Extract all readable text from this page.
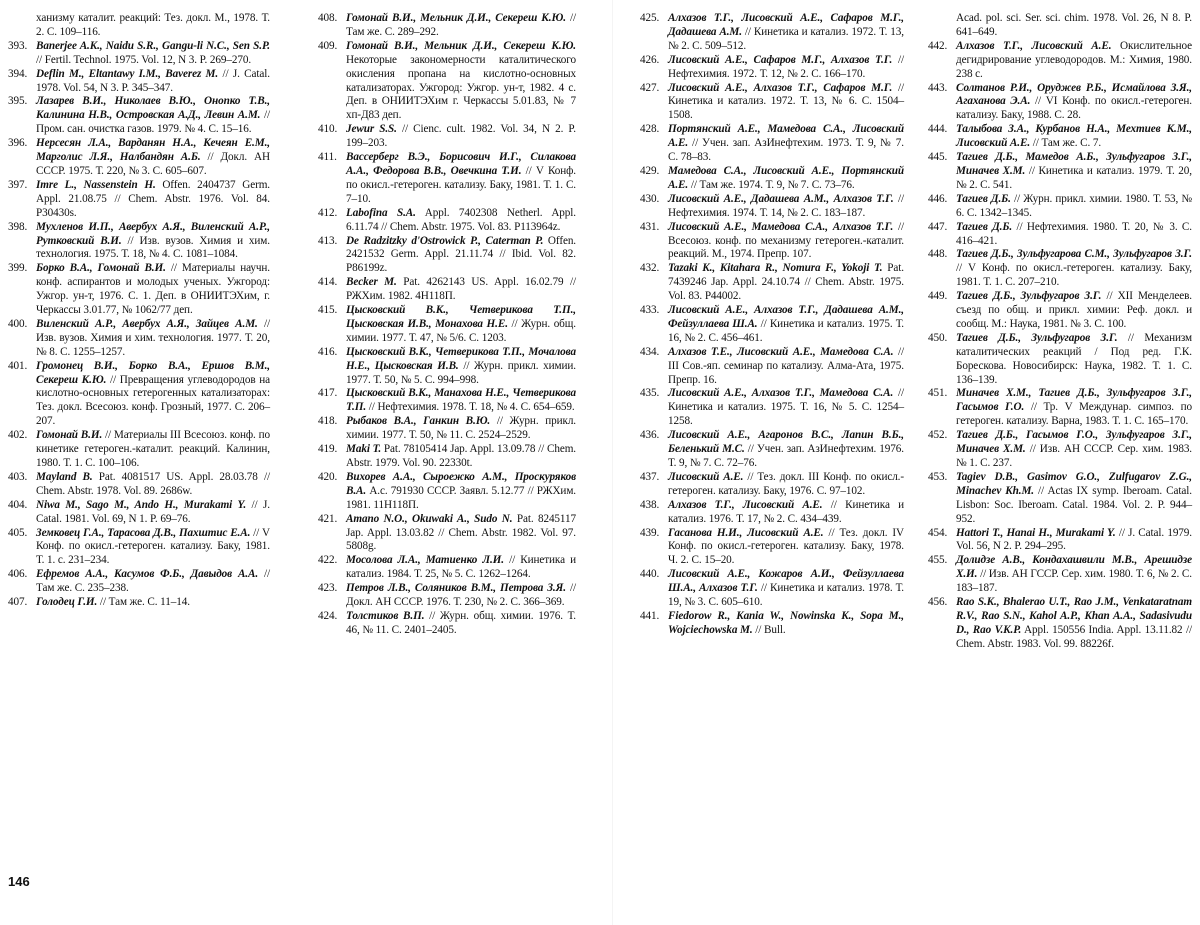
ханизму каталит. реакций: Тез. докл. М., 1978. Т. 2. С. 109–116.
393. Banerjee A.K., Naidu S.R., Gangu-li N.C., Sen S.P. // Fertil. Technol. 1975. Vol. 12, N 3. P. 269–270.
394. Deflin M., Eltantawy I.M., Baverez M. // J. Catal. 1978. Vol. 54, N 3. P. 345–347.
395. Лазарев В.И., Николаев В.Ю., Онопко Т.В., Калинина Н.В., Островская А.Д., Левин А.М. // Пром. сан. очистка газов. 1979. № 4. С. 15–16.
396. Нерсесян Л.А., Варданян Н.А., Кечеян Е.М., Марголис Л.Я., Налбандян А.Б. // Докл. АН СССР. 1975. Т. 220, № 3. С. 605–607.
397. Imre L., Nassenstein H. Offen. 2404737 Germ. Appl. 21.08.75 // Chem. Abstr. 1976. Vol. 84. P30430s.
398. Мухленов И.П., Авербух А.Я., Виленский А.Р., Рутковский В.И. // Изв. вузов. Химия и хим. технология. 1975. Т. 18, № 4. С. 1081–1084.
399. Борко В.А., Гомонай В.И. // Материалы научн. конф. аспирантов и молодых ученых. Ужгород: Ужгор. ун-т, 1976. С. 1. Деп. в ОНИИТЭХим, г. Черкассы 3.01.77, № 1062/77 деп.
400. Виленский А.Р., Авербух А.Я., Зайцев А.М. // Изв. вузов. Химия и хим. технология. 1977. Т. 20, № 8. С. 1255–1257.
401. Громонец В.И., Борко В.А., Ершов В.М., Секереш К.Ю. // Превращения углеводородов на кислотно-основных гетерогенных катализаторах: Тез. докл. Всесоюз. конф. Грозный, 1977. С. 206–207.
402. Гомонай В.И. // Материалы III Всесоюз. конф. по кинетике гетероген.-каталит. реакций. Калинин, 1980. Т. 1. С. 100–106.
403. Mayland B. Pat. 4081517 US. Appl. 28.03.78 // Chem. Abstr. 1978. Vol. 89. 2686w.
404. Niwa M., Sago M., Ando H., Murakami Y. // J. Catal. 1981. Vol. 69, N 1. P. 69–76.
405. Земковец Г.А., Тарасова Д.В., Пахштис Е.А. // V Конф. по окисл.-гетероген. катализу. Баку, 1981. Т. 1. с. 231–234.
406. Ефремов А.А., Касумов Ф.Б., Давыдов А.А. // Там же. С. 235–238.
407. Голодец Г.И. // Там же. С. 11–14.
408. Гомонай В.И., Мельник Д.И., Секереш К.Ю. // Там же. С. 289–292.
409. Гомонай В.И., Мельник Д.И., Секереш К.Ю. Некоторые закономерности каталитического окисления пропана на кислотно-основных катализаторах. Ужгород: Ужгор. ун-т, 1982. 4 с. Деп. в ОНИИТЭХим г. Черкассы 5.01.83, № 7 хп-Д83 деп.
410. Jewur S.S. // Cienc. cult. 1982. Vol. 34, N 2. P. 199–203.
411. Вассерберг В.Э., Борисович И.Г., Силакова А.А., Федорова В.В., Овечкина Т.И. // V Конф. по окисл.-гетероген. катализу. Баку, 1981. Т. 1. С. 7–10.
412. Labofina S.A. Appl. 7402308 Netherl. Appl. 6.11.74 // Chem. Abstr. 1975. Vol. 83. P113964z.
413. De Radzitzky d'Ostrowick P., Caterman P. Offen. 2421532 Germ. Appl. 21.11.74 // Ibid. Vol. 82. P86199z.
414. Becker M. Pat. 4262143 US. Appl. 16.02.79 // РЖХим. 1982. 4Н118П.
415. Цысковский В.К., Четверикова Т.П., Цысковская И.В., Монахова Н.Е. // Журн. общ. химии. 1977. Т. 47, № 5/6. С. 1203.
416. Цысковский В.К., Четверикова Т.П., Мочалова Н.Е., Цысковская И.В. // Журн. прикл. химии. 1977. Т. 50, № 5. С. 994–998.
417. Цысковский В.К., Манахова Н.Е., Четверикова Т.П. // Нефтехимия. 1978. Т. 18, № 4. С. 654–659.
418. Рыбаков В.А., Ганкин В.Ю. // Журн. прикл. химии. 1977. Т. 50, № 11. С. 2524–2529.
419. Maki T. Pat. 78105414 Jap. Appl. 13.09.78 // Chem. Abstr. 1979. Vol. 90. 22330t.
420. Вихорев А.А., Сыроежко А.М., Проскуряков В.А. А.с. 791930 СССР. Заявл. 5.12.77 // РЖХим. 1981. 11Н118П.
421. Amano N.O., Okuwaki A., Sudo N. Pat. 8245117 Jap. Appl. 13.03.82 // Chem. Abstr. 1982. Vol. 97. 5808g.
422. Мосолова Л.А., Матиенко Л.И. // Кинетика и катализ. 1984. Т. 25, № 5. С. 1262–1264.
423. Петров Л.В., Соляников В.М., Петрова З.Я. // Докл. АН СССР. 1976. Т. 230, № 2. С. 366–369.
424. Толстиков В.П. // Журн. общ. химии. 1976. Т. 46, № 11. С. 2401–2405.
425. Алхазов Т.Г., Лисовский А.Е., Сафаров М.Г., Дадашева А.М. // Кинетика и катализ. 1972. Т. 13, № 2. С. 509–512.
426. Лисовский А.Е., Сафаров М.Г., Алхазов Т.Г. // Нефтехимия. 1972. Т. 12, № 2. С. 166–170.
427. Лисовский А.Е., Алхазов Т.Г., Сафаров М.Г. // Кинетика и катализ. 1972. Т. 13, № 6. С. 1504–1508.
428. Портянский А.Е., Мамедова С.А., Лисовский А.Е. // Учен. зап. АзИнефтехим. 1973. Т. 9, № 7. С. 78–83.
429. Мамедова С.А., Лисовский А.Е., Портянский А.Е. // Там же. 1974. Т. 9, № 7. С. 73–76.
430. Лисовский А.Е., Дадашева А.М., Алхазов Т.Г. // Нефтехимия. 1974. Т. 14, № 2. С. 183–187.
431. Лисовский А.Е., Мамедова С.А., Алхазов Т.Г. // Всесоюз. конф. по механизму гетероген.-каталит. реакций. М., 1974. Препр. 107.
432. Tazaki K., Kitahara R., Nomura F., Yokoji T. Pat. 7439246 Jap. Appl. 24.10.74 // Chem. Abstr. 1975. Vol. 83. P44002.
433. Лисовский А.Е., Алхазов Т.Г., Дадашева А.М., Фейзуллаева Ш.А. // Кинетика и катализ. 1975. Т. 16, № 2. С. 456–461.
434. Алхазов Т.Е., Лисовский А.Е., Мамедова С.А. // III Сов.-яп. семинар по катализу. Алма-Ата, 1975. Препр. 16.
435. Лисовский А.Е., Алхазов Т.Г., Мамедова С.А. // Кинетика и катализ. 1975. Т. 16, № 5. С. 1254–1258.
436. Лисовский А.Е., Агаронов В.С., Лапин В.Б., Беленький М.С. // Учен. зап. АзИнефтехим. 1976. Т. 9, № 7. С. 72–76.
437. Лисовский А.Е. // Тез. докл. III Конф. по окисл.-гетероген. катализу. Баку, 1976. С. 97–102.
438. Алхазов Т.Г., Лисовский А.Е. // Кинетика и катализ. 1976. Т. 17, № 2. С. 434–439.
439. Гасанова Н.И., Лисовский А.Е. // Тез. докл. IV Конф. по окисл.-гетероген. катализу. Баку, 1978. Ч. 2. С. 15–20.
440. Лисовский А.Е., Кожаров А.И., Фейзуллаева Ш.А., Алхазов Т.Г. // Кинетика и катализ. 1978. Т. 19, № 3. С. 605–610.
441. Fiedorow R., Kania W., Nowinska K., Sopa M., Wojciechowska M. // Bull.
Acad. pol. sci. Ser. sci. chim. 1978. Vol. 26, N 8. P. 641–649.
442. Алхазов Т.Г., Лисовский А.Е. Окислительное дегидрирование углеводородов. М.: Химия, 1980. 238 с.
443. Солтанов Р.И., Оруджев Р.Б., Исмайлова З.Я., Агаханова Э.А. // VI Конф. по окисл.-гетероген. катализу. Баку, 1988. С. 28.
444. Талыбова З.А., Курбанов Н.А., Мехтиев К.М., Лисовский А.Е. // Там же. С. 7.
445. Тагиев Д.Б., Мамедов А.Б., Зульфугаров З.Г., Миначев Х.М. // Кинетика и катализ. 1979. Т. 20, № 2. С. 541.
446. Тагиев Д.Б. // Журн. прикл. химии. 1980. Т. 53, № 6. С. 1342–1345.
447. Тагиев Д.Б. // Нефтехимия. 1980. Т. 20, № 3. С. 416–421.
448. Тагиев Д.Б., Зульфугарова С.М., Зульфугаров З.Г. // V Конф. по окисл.-гетероген. катализу. Баку, 1981. Т. 1. С. 207–210.
449. Тагиев Д.Б., Зульфугаров З.Г. // XII Менделеев. съезд по общ. и прикл. химии: Реф. докл. и сообщ. М.: Наука, 1981. № 3. С. 100.
450. Тагиев Д.Б., Зульфугаров З.Г. // Механизм каталитических реакций / Под ред. Г.К. Борескова. Новосибирск: Наука, 1982. Т. 1. С. 136–139.
451. Миначев Х.М., Тагиев Д.Б., Зульфугаров З.Г., Гасымов Г.О. // Тр. V Междунар. симпоз. по гетероген. катализу. Варна, 1983. Т. 1. С. 165–170.
452. Тагиев Д.Б., Гасымов Г.О., Зульфугаров З.Г., Миначев Х.М. // Изв. АН СССР. Сер. хим. 1983. № 1. С. 237.
453. Tagiev D.B., Gasimov G.O., Zulfugarov Z.G., Minachev Kh.M. // Actas IX symp. Iberoam. Catal. Lisbon: Soc. Iberoam. Catal. 1984. Vol. 2. P. 944–952.
454. Hattori T., Hanai H., Murakami Y. // J. Catal. 1979. Vol. 56, N 2. P. 294–295.
455. Долидзе А.В., Кондахашвили М.В., Арешидзе Х.И. // Изв. АН ГССР. Сер. хим. 1980. Т. 6, № 2. С. 183–187.
456. Rao S.K., Bhalerao U.T., Rao J.M., Venkataratnam R.V., Rao S.N., Kahol A.P., Khan A.A., Sadasivudu D., Rao V.K.P. Appl. 150556 India. Appl. 13.11.82 // Chem. Abstr. 1983. Vol. 99. 88226f.
146
